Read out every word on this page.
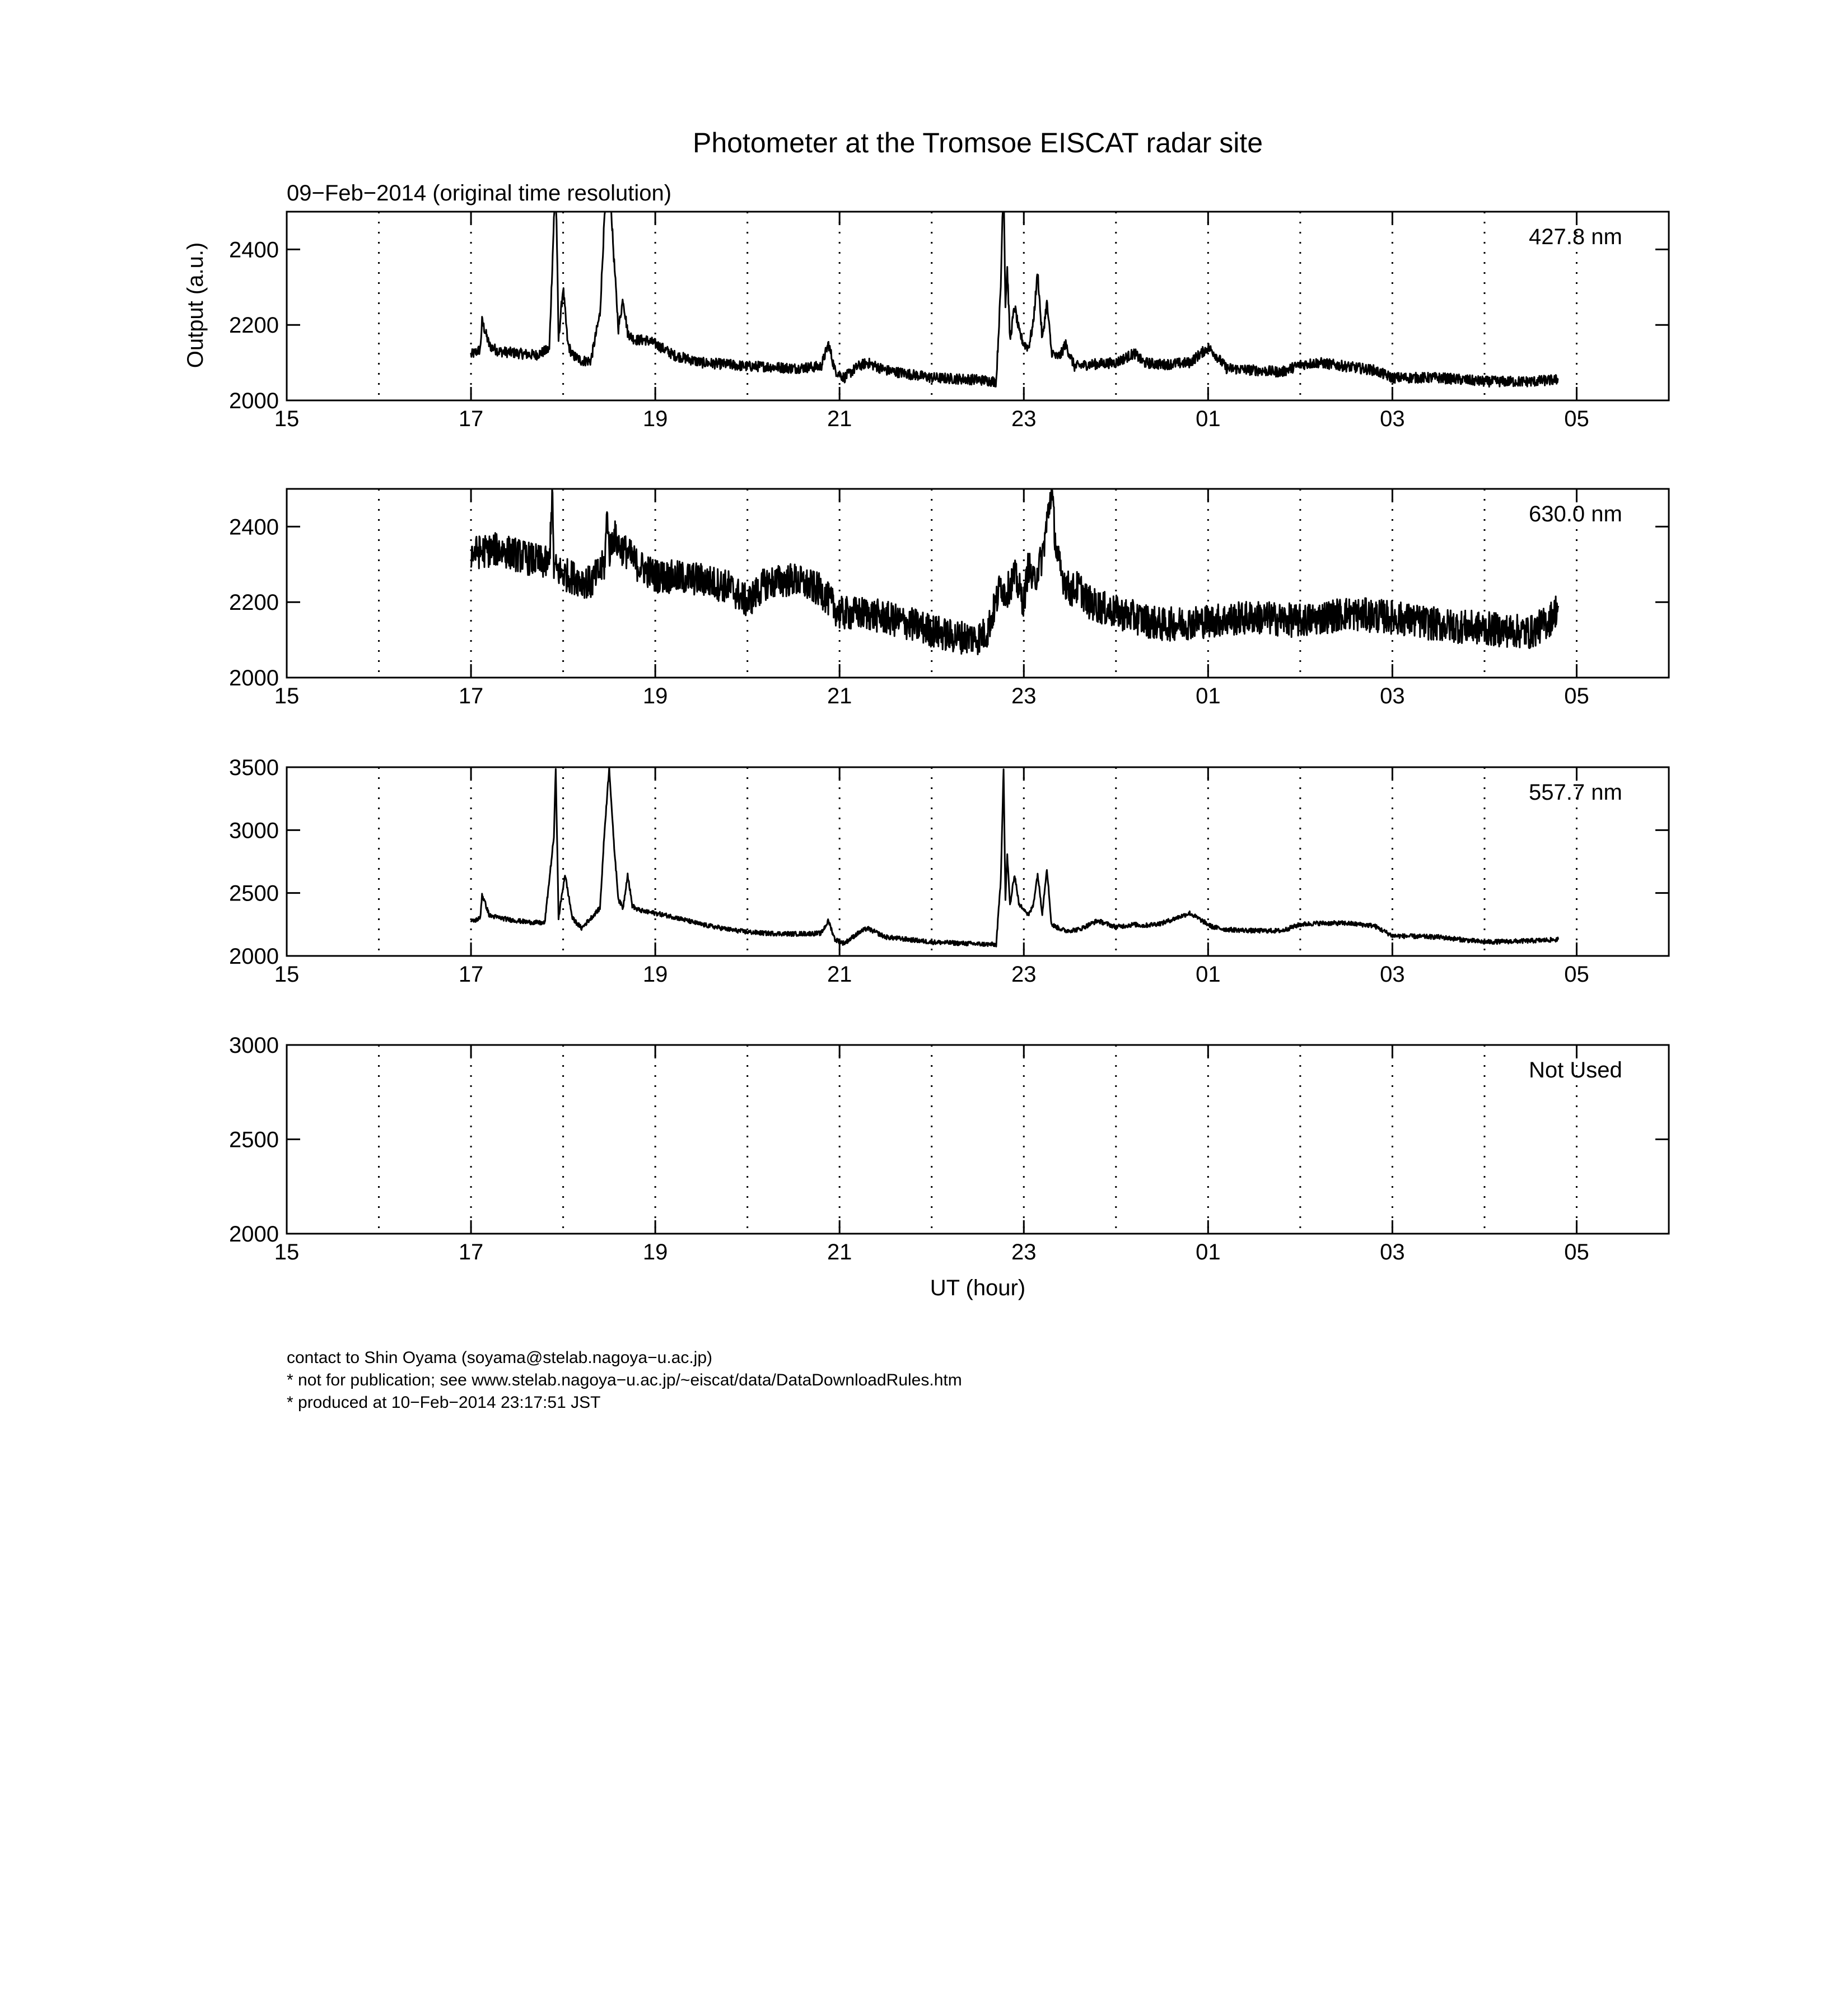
Photometer at the Tromsoe EISCAT radar site
09−Feb−2014 (original time resolution)
Output (a.u.)
UT (hour)
2000
2200
2400
15	17	19	21	23	01	03	05
427.8 nm
2000
2200
2400
15	17	19	21	23	01	03	05
630.0 nm
2000
2500
3000
3500
15	17	19	21	23	01	03	05
557.7 nm
2000
2500
3000
15	17	19	21	23	01	03	05
Not Used
contact to Shin Oyama (soyama@stelab.nagoya−u.ac.jp)
* not for publication; see www.stelab.nagoya−u.ac.jp/~eiscat/data/DataDownloadRules.htm
* produced at 10−Feb−2014 23:17:51 JST
